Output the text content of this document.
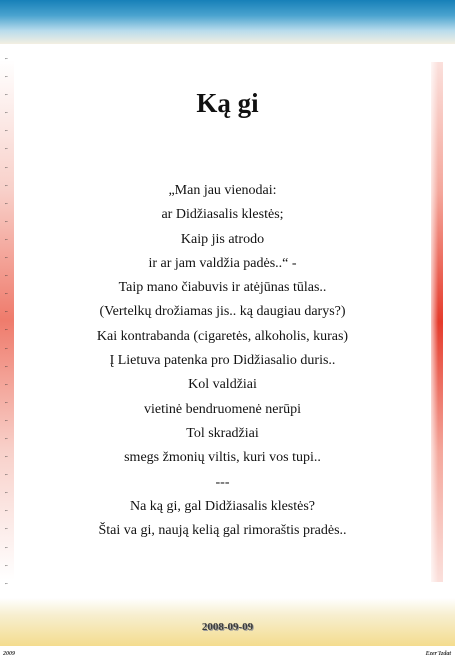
ı
ı
ı
ı
ı
ı
ı
ı
ı
ı
ı
ı
ı
ı
ı
ı
ı
ı
ı
ı
ı
ı
ı
ı
ı
ı
ı
ı
ı
ı
Ką gi
„Man jau vienodai:
ar Didžiasalis klestės;
Kaip jis atrodo
ir ar jam valdžia padės..“ -
Taip mano čiabuvis ir atėjūnas tūlas..
(Vertelkų drožiamas jis.. ką daugiau darys?)
Kai kontrabanda (cigaretės, alkoholis, kuras)
Į Lietuva patenka pro Didžiasalio duris..
Kol valdžiai
vietinė bendruomenė nerūpi
Tol skradžiai
smegs žmonių viltis, kuri vos tupi..
---
Na ką gi, gal Didžiasalis klestės?
Štai va gi, naują kelią gal rimoraštis pradės..
2008-09-09
2009	Ezer'Izdat
